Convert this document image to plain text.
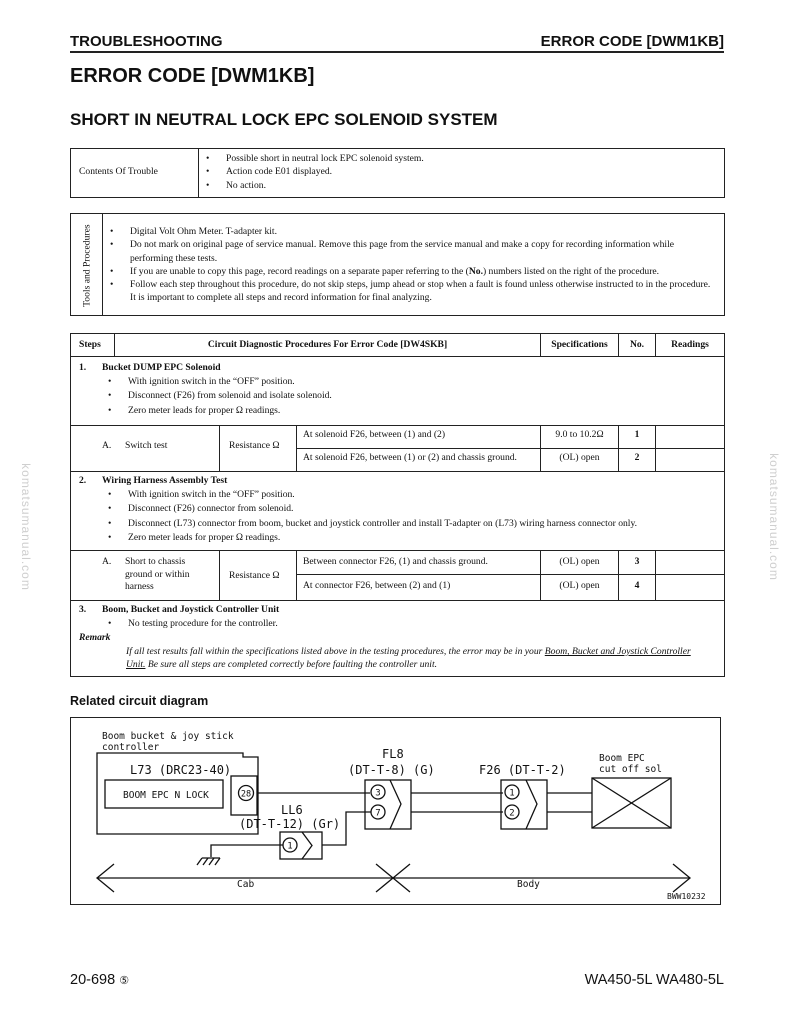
komatsumanual.com	komatsumanual.com
TROUBLESHOOTING	ERROR CODE [DWM1KB]
ERROR CODE [DWM1KB]
SHORT IN NEUTRAL LOCK EPC SOLENOID SYSTEM
Contents Of Trouble
• Possible short in neutral lock EPC solenoid system.
• Action code E01 displayed.
• No action.
Tools and Procedures
•	Digital Volt Ohm Meter. T-adapter kit.
• Do not mark on original page of service manual. Remove this page from the service manual and make a copy for recording information while performing these tests.
• If you are unable to copy this page, record readings on a separate paper referring to the (No.) numbers listed on the right of the procedure.
• Follow each step throughout this procedure, do not skip steps, jump ahead or stop when a fault is found unless otherwise instructed to in the procedure. It is important to complete all steps and record information for final analyzing.
Steps	Circuit Diagnostic Procedures For Error Code [DW4SKB]	Specifications	No.	Readings
1. Bucket DUMP EPC Solenoid
• With ignition switch in the “OFF” position.
• Disconnect (F26) from solenoid and isolate solenoid.
• Zero meter leads for proper Ω readings.
A. Switch test	Resistance Ω
At solenoid F26, between (1) and (2)	9.0 to 10.2Ω	1
At solenoid F26, between (1) or (2) and chassis ground.	(OL) open	2
2. Wiring Harness Assembly Test
• With ignition switch in the “OFF” position.
• Disconnect (F26) connector from solenoid.
• Disconnect (L73) connector from boom, bucket and joystick controller and install T-adapter on (L73) wiring harness connector only.
• Zero meter leads for proper Ω readings.
A. Short to chassis
ground or within
harness
Resistance Ω
Between connector F26, (1) and chassis ground.	(OL) open	3
At connector F26, between (2) and (1)	(OL) open	4
3. Boom, Bucket and Joystick Controller Unit
• No testing procedure for the controller.
Remark
If all test results fall within the specifications listed above in the testing procedures, the error may be in your Boom, Bucket and Joystick Controller Unit. Be sure all steps are completed correctly before faulting the controller unit.
Related circuit diagram
Boom bucket & joy stick
controller
L73 (DRC23-40)
BOOM EPC N LOCK	28
FL8
(DT-T-8) (G)	F26 (DT-T-2)
LL6
(DT-T-12) (Gr)
Boom EPC
cut off sol
3
7
1
2
1
Cab	Body
BWW10232
20-698 ⑤	WA450-5L WA480-5L
